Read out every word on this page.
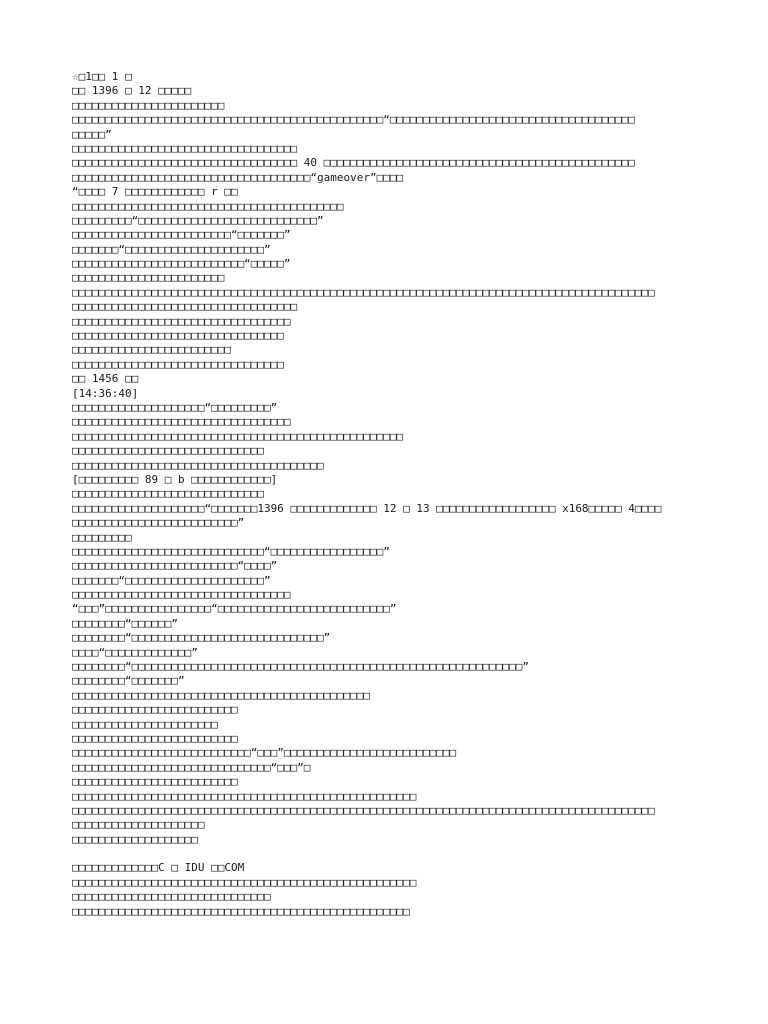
☆□1□□ 1 □
□□ 1396 □ 12 □□□□□
□□□□□□□□□□□□□□□□□□□□□□□
□□□□□□□□□□□□□□□□□□□□□□□□□□□□□□□□□□□□□□□□□□□□□□□“□□□□□□□□□□□□□□□□□□□□□□□□□□□□□□□□□□□□□
□□□□□”
□□□□□□□□□□□□□□□□□□□□□□□□□□□□□□□□□□
□□□□□□□□□□□□□□□□□□□□□□□□□□□□□□□□□□ 40 □□□□□□□□□□□□□□□□□□□□□□□□□□□□□□□□□□□□□□□□□□□□□□□
□□□□□□□□□□□□□□□□□□□□□□□□□□□□□□□□□□□□“gameover”□□□□
“□□□□ 7 □□□□□□□□□□□□ r □□
□□□□□□□□□□□□□□□□□□□□□□□□□□□□□□□□□□□□□□□□□
□□□□□□□□□“□□□□□□□□□□□□□□□□□□□□□□□□□□□”
□□□□□□□□□□□□□□□□□□□□□□□□“□□□□□□□”
□□□□□□□“□□□□□□□□□□□□□□□□□□□□□”
□□□□□□□□□□□□□□□□□□□□□□□□□□“□□□□□”
□□□□□□□□□□□□□□□□□□□□□□□
□□□□□□□□□□□□□□□□□□□□□□□□□□□□□□□□□□□□□□□□□□□□□□□□□□□□□□□□□□□□□□□□□□□□□□□□□□□□□□□□□□□□□□□□
□□□□□□□□□□□□□□□□□□□□□□□□□□□□□□□□□□
□□□□□□□□□□□□□□□□□□□□□□□□□□□□□□□□□
□□□□□□□□□□□□□□□□□□□□□□□□□□□□□□□□
□□□□□□□□□□□□□□□□□□□□□□□□
□□□□□□□□□□□□□□□□□□□□□□□□□□□□□□□□
□□ 1456 □□
[14:36:40]
□□□□□□□□□□□□□□□□□□□□“□□□□□□□□□”
□□□□□□□□□□□□□□□□□□□□□□□□□□□□□□□□□
□□□□□□□□□□□□□□□□□□□□□□□□□□□□□□□□□□□□□□□□□□□□□□□□□□
□□□□□□□□□□□□□□□□□□□□□□□□□□□□□
□□□□□□□□□□□□□□□□□□□□□□□□□□□□□□□□□□□□□□
[□□□□□□□□□ 89 □ b □□□□□□□□□□□□]
□□□□□□□□□□□□□□□□□□□□□□□□□□□□□
□□□□□□□□□□□□□□□□□□□□“□□□□□□□1396 □□□□□□□□□□□□□ 12 □ 13 □□□□□□□□□□□□□□□□□□ x168□□□□□ 4□□□□
□□□□□□□□□□□□□□□□□□□□□□□□□”
□□□□□□□□□
□□□□□□□□□□□□□□□□□□□□□□□□□□□□□“□□□□□□□□□□□□□□□□□”
□□□□□□□□□□□□□□□□□□□□□□□□□“□□□□”
□□□□□□□“□□□□□□□□□□□□□□□□□□□□□”
□□□□□□□□□□□□□□□□□□□□□□□□□□□□□□□□□
“□□□”□□□□□□□□□□□□□□□□“□□□□□□□□□□□□□□□□□□□□□□□□□□”
□□□□□□□□“□□□□□□”
□□□□□□□□“□□□□□□□□□□□□□□□□□□□□□□□□□□□□□”
□□□□“□□□□□□□□□□□□□”
□□□□□□□□“□□□□□□□□□□□□□□□□□□□□□□□□□□□□□□□□□□□□□□□□□□□□□□□□□□□□□□□□□□□”
□□□□□□□□“□□□□□□□”
□□□□□□□□□□□□□□□□□□□□□□□□□□□□□□□□□□□□□□□□□□□□□
□□□□□□□□□□□□□□□□□□□□□□□□□
□□□□□□□□□□□□□□□□□□□□□□
□□□□□□□□□□□□□□□□□□□□□□□□□
□□□□□□□□□□□□□□□□□□□□□□□□□□□“□□□”□□□□□□□□□□□□□□□□□□□□□□□□□□
□□□□□□□□□□□□□□□□□□□□□□□□□□□□□□“□□□”□
□□□□□□□□□□□□□□□□□□□□□□□□□
□□□□□□□□□□□□□□□□□□□□□□□□□□□□□□□□□□□□□□□□□□□□□□□□□□□□
□□□□□□□□□□□□□□□□□□□□□□□□□□□□□□□□□□□□□□□□□□□□□□□□□□□□□□□□□□□□□□□□□□□□□□□□□□□□□□□□□□□□□□□□
□□□□□□□□□□□□□□□□□□□□
□□□□□□□□□□□□□□□□□□□
□□□□□□□□□□□□□C □ IDU □□COM
□□□□□□□□□□□□□□□□□□□□□□□□□□□□□□□□□□□□□□□□□□□□□□□□□□□□
□□□□□□□□□□□□□□□□□□□□□□□□□□□□□□
□□□□□□□□□□□□□□□□□□□□□□□□□□□□□□□□□□□□□□□□□□□□□□□□□□□
